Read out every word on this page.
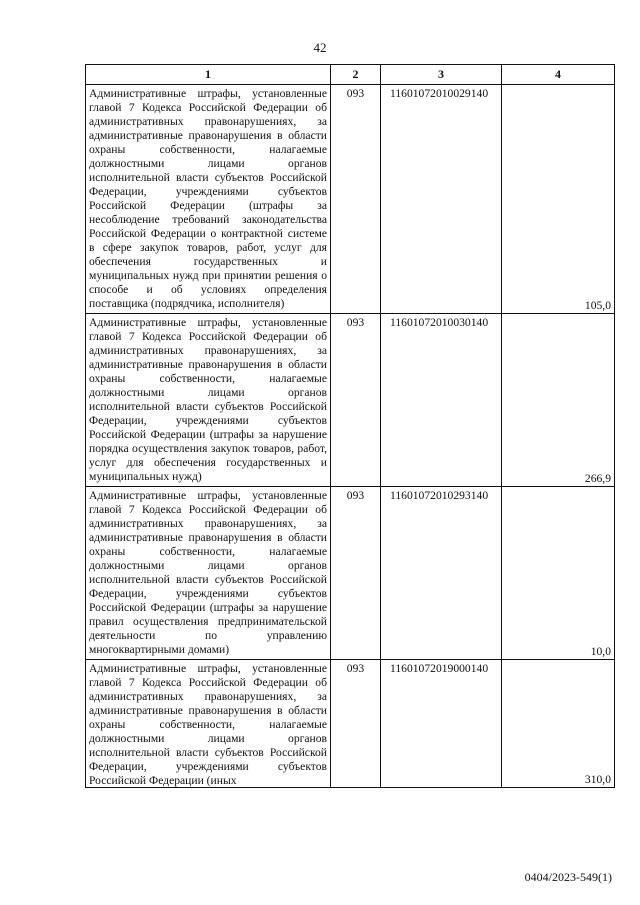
42
1	2	3	4

Административные штрафы, установленные главой 7 Кодекса Российской Федерации об административных правонарушениях, за административные правонарушения в области охраны собственности, налагаемые должностными лицами органов исполнительной власти субъектов Российской Федерации, учреждениями субъектов Российской Федерации (штрафы за несоблюдение требований законодательства Российской Федерации о контрактной системе в сфере закупок товаров, работ, услуг для обеспечения государственных и муниципальных нужд при принятии решения о способе и об условиях определения поставщика (подрядчика, исполнителя)	093	11601072010029140	105,0

Административные штрафы, установленные главой 7 Кодекса Российской Федерации об административных правонарушениях, за административные правонарушения в области охраны собственности, налагаемые должностными лицами органов исполнительной власти субъектов Российской Федерации, учреждениями субъектов Российской Федерации (штрафы за нарушение порядка осуществления закупок товаров, работ, услуг для обеспечения государственных и муниципальных нужд)	093	11601072010030140	266,9

Административные штрафы, установленные главой 7 Кодекса Российской Федерации об административных правонарушениях, за административные правонарушения в области охраны собственности, налагаемые должностными лицами органов исполнительной власти субъектов Российской Федерации, учреждениями субъектов Российской Федерации (штрафы за нарушение правил осуществления предпринимательской деятельности по управлению многоквартирными домами)	093	11601072010293140	10,0

Административные штрафы, установленные главой 7 Кодекса Российской Федерации об административных правонарушениях, за административные правонарушения в области охраны собственности, налагаемые должностными лицами органов исполнительной власти субъектов Российской Федерации, учреждениями субъектов Российской Федерации (иных	093	11601072019000140	310,0
0404/2023-549(1)
